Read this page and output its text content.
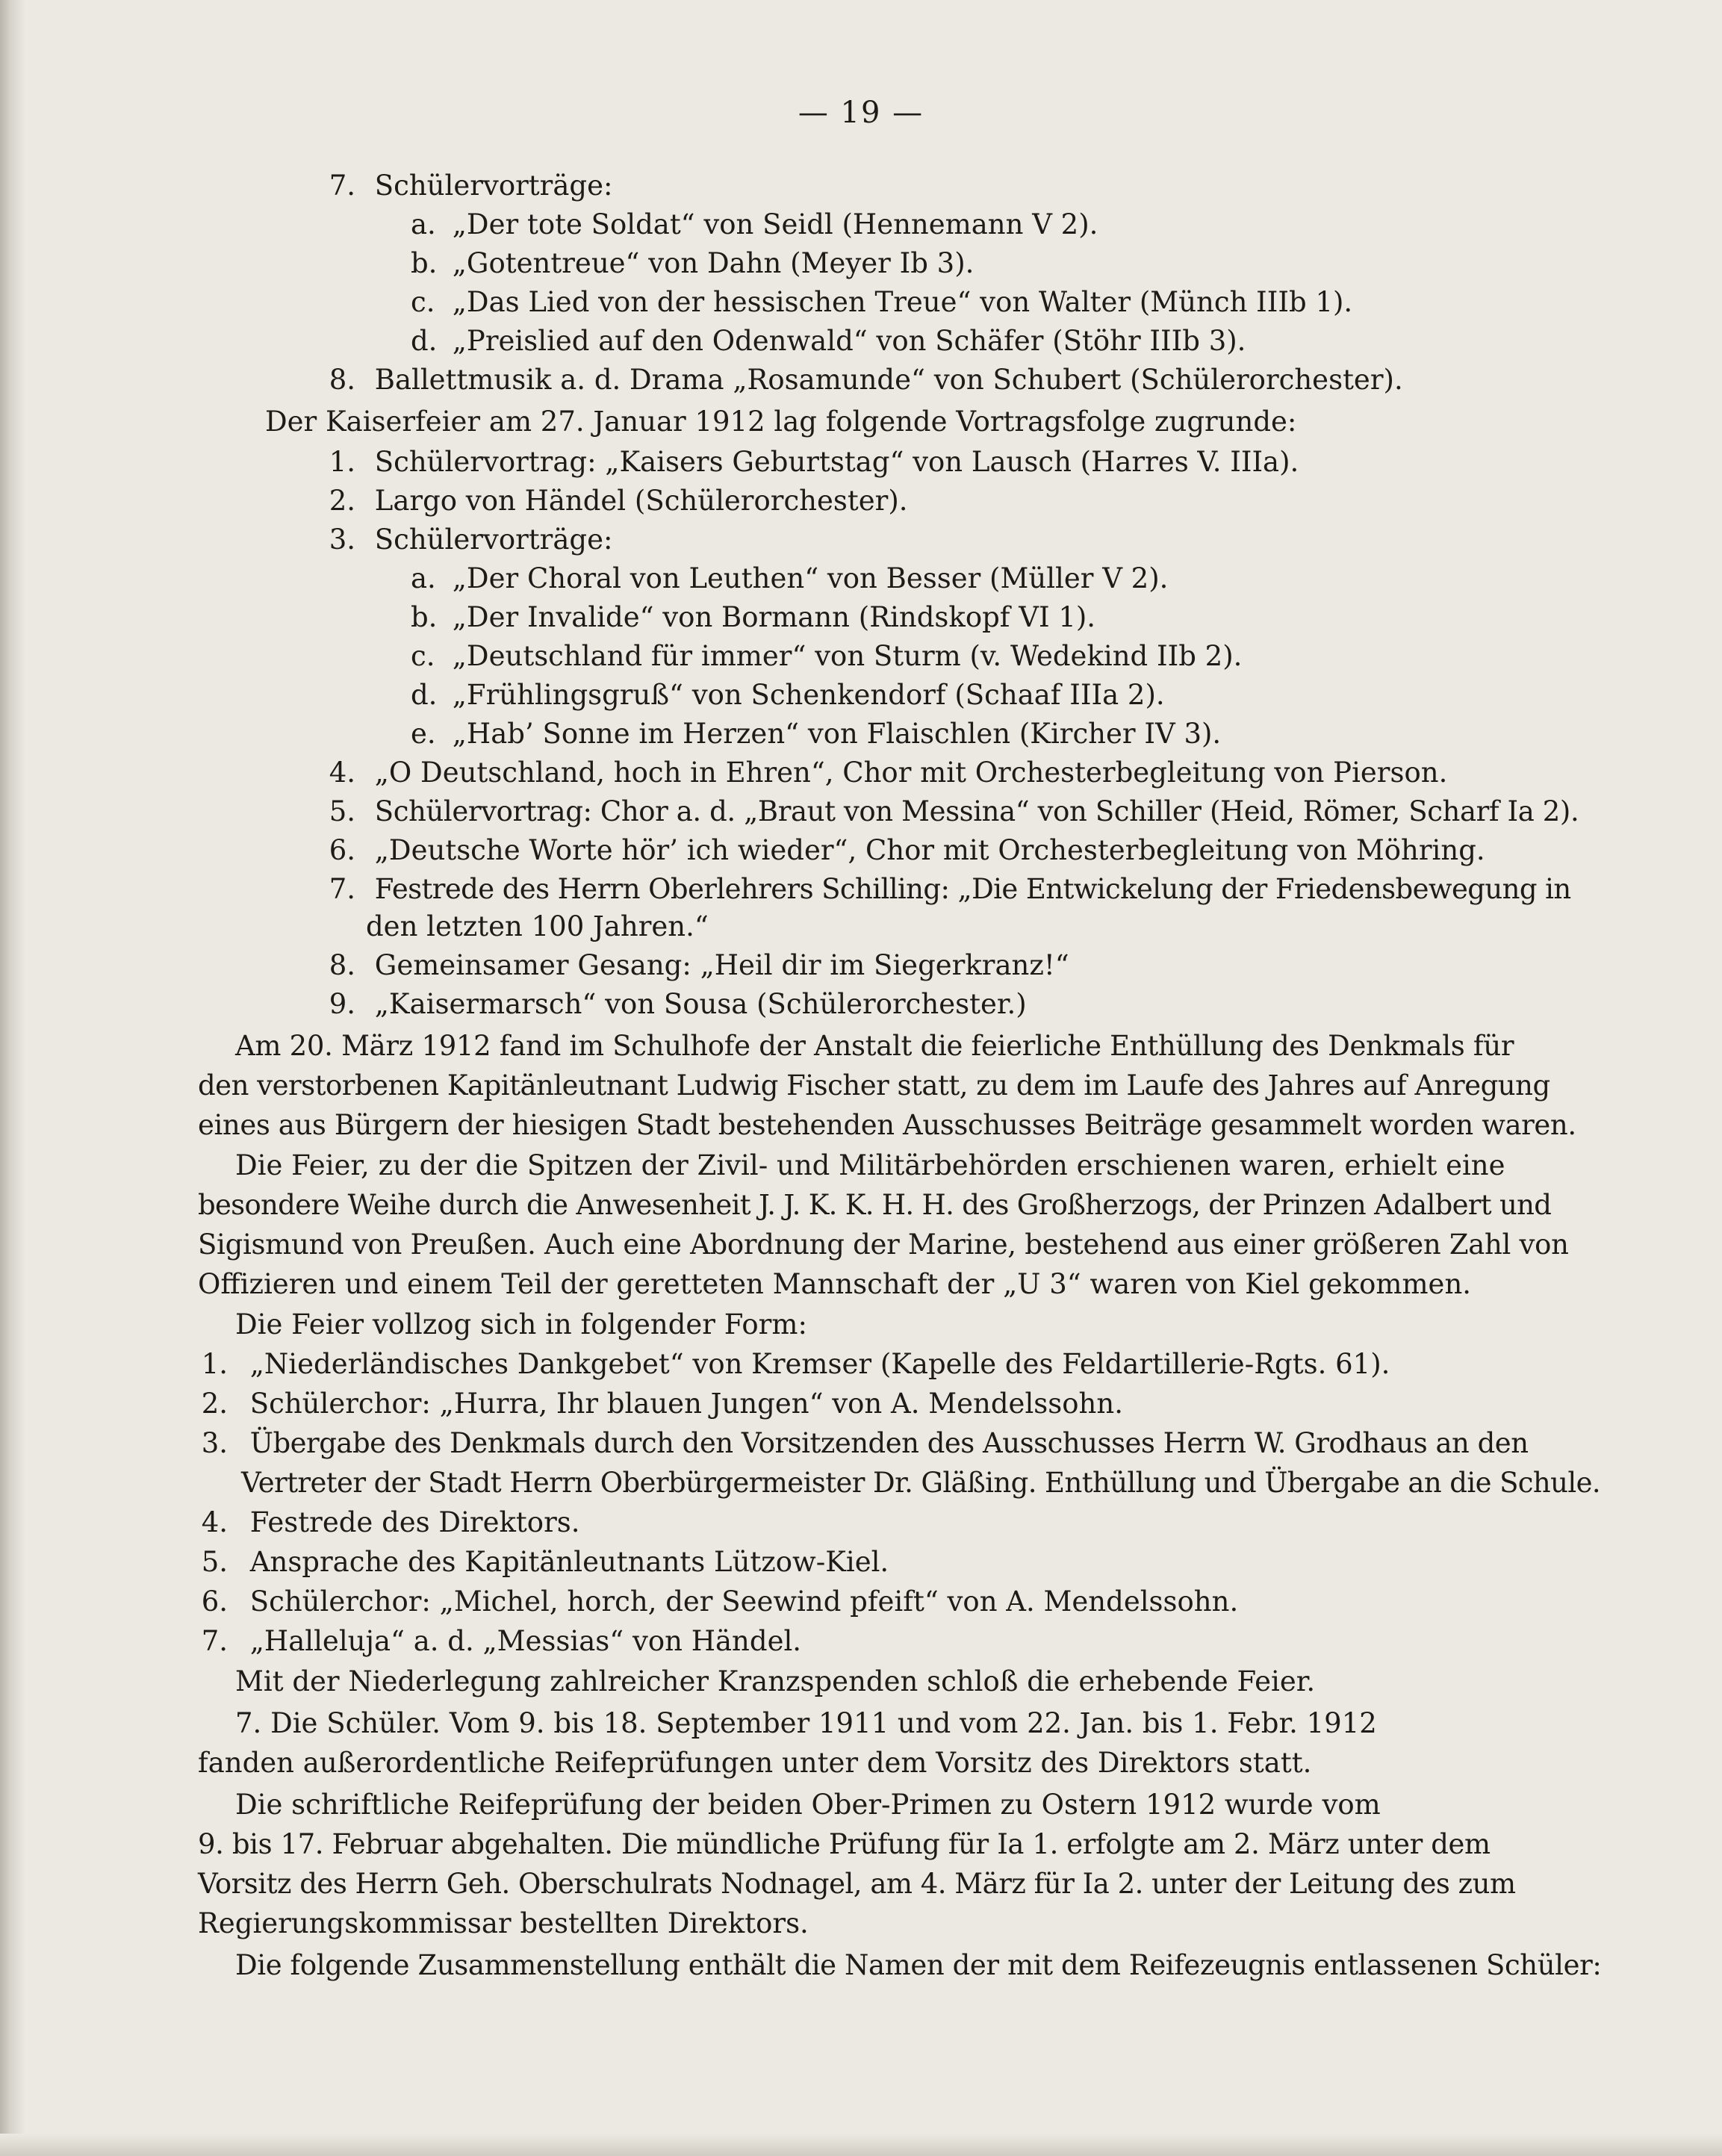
— 19 —
7. Schülervorträge:
a. „Der tote Soldat“ von Seidl (Hennemann V 2).
b. „Gotentreue“ von Dahn (Meyer Ib 3).
c. „Das Lied von der hessischen Treue“ von Walter (Münch IIIb 1).
d. „Preislied auf den Odenwald“ von Schäfer (Stöhr IIIb 3).
8. Ballettmusik a. d. Drama „Rosamunde“ von Schubert (Schülerorchester).
Der Kaiserfeier am 27. Januar 1912 lag folgende Vortragsfolge zugrunde:
1. Schülervortrag: „Kaisers Geburtstag“ von Lausch (Harres V. IIIa).
2. Largo von Händel (Schülerorchester).
3. Schülervorträge:
a. „Der Choral von Leuthen“ von Besser (Müller V 2).
b. „Der Invalide“ von Bormann (Rindskopf VI 1).
c. „Deutschland für immer“ von Sturm (v. Wedekind IIb 2).
d. „Frühlingsgruß“ von Schenkendorf (Schaaf IIIa 2).
e. „Hab’ Sonne im Herzen“ von Flaischlen (Kircher IV 3).
4. „O Deutschland, hoch in Ehren“, Chor mit Orchesterbegleitung von Pierson.
5. Schülervortrag: Chor a. d. „Braut von Messina“ von Schiller (Heid, Römer, Scharf Ia 2).
6. „Deutsche Worte hör’ ich wieder“, Chor mit Orchesterbegleitung von Möhring.
7. Festrede des Herrn Oberlehrers Schilling: „Die Entwickelung der Friedensbewegung in
den letzten 100 Jahren.“
8. Gemeinsamer Gesang: „Heil dir im Siegerkranz!“
9. „Kaisermarsch“ von Sousa (Schülerorchester.)
Am 20. März 1912 fand im Schulhofe der Anstalt die feierliche Enthüllung des Denkmals für
den verstorbenen Kapitänleutnant Ludwig Fischer statt, zu dem im Laufe des Jahres auf Anregung
eines aus Bürgern der hiesigen Stadt bestehenden Ausschusses Beiträge gesammelt worden waren.
Die Feier, zu der die Spitzen der Zivil- und Militärbehörden erschienen waren, erhielt eine
besondere Weihe durch die Anwesenheit J. J. K. K. H. H. des Großherzogs, der Prinzen Adalbert und
Sigismund von Preußen. Auch eine Abordnung der Marine, bestehend aus einer größeren Zahl von
Offizieren und einem Teil der geretteten Mannschaft der „U 3“ waren von Kiel gekommen.
Die Feier vollzog sich in folgender Form:
1. „Niederländisches Dankgebet“ von Kremser (Kapelle des Feldartillerie-Rgts. 61).
2. Schülerchor: „Hurra, Ihr blauen Jungen“ von A. Mendelssohn.
3. Übergabe des Denkmals durch den Vorsitzenden des Ausschusses Herrn W. Grodhaus an den
Vertreter der Stadt Herrn Oberbürgermeister Dr. Gläßing. Enthüllung und Übergabe an die Schule.
4. Festrede des Direktors.
5. Ansprache des Kapitänleutnants Lützow-Kiel.
6. Schülerchor: „Michel, horch, der Seewind pfeift“ von A. Mendelssohn.
7. „Halleluja“ a. d. „Messias“ von Händel.
Mit der Niederlegung zahlreicher Kranzspenden schloß die erhebende Feier.
7. Die Schüler. Vom 9. bis 18. September 1911 und vom 22. Jan. bis 1. Febr. 1912
fanden außerordentliche Reifeprüfungen unter dem Vorsitz des Direktors statt.
Die schriftliche Reifeprüfung der beiden Ober-Primen zu Ostern 1912 wurde vom
9. bis 17. Februar abgehalten. Die mündliche Prüfung für Ia 1. erfolgte am 2. März unter dem
Vorsitz des Herrn Geh. Oberschulrats Nodnagel, am 4. März für Ia 2. unter der Leitung des zum
Regierungskommissar bestellten Direktors.
Die folgende Zusammenstellung enthält die Namen der mit dem Reifezeugnis entlassenen Schüler:
